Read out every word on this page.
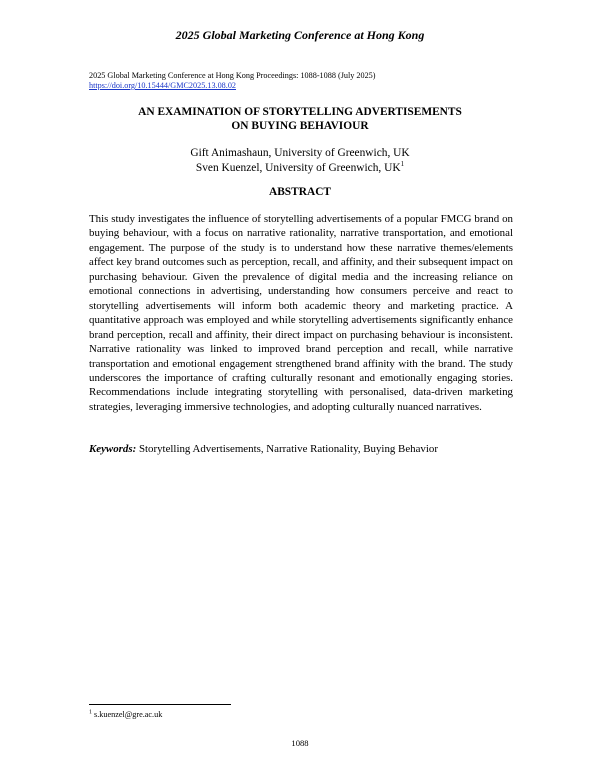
2025 Global Marketing Conference at Hong Kong
2025 Global Marketing Conference at Hong Kong Proceedings: 1088-1088 (July 2025)
https://doi.org/10.15444/GMC2025.13.08.02
AN EXAMINATION OF STORYTELLING ADVERTISEMENTS
ON BUYING BEHAVIOUR
Gift Animashaun, University of Greenwich, UK
Sven Kuenzel, University of Greenwich, UK$^1$
ABSTRACT
This study investigates the influence of storytelling advertisements of a popular FMCG brand on buying behaviour, with a focus on narrative rationality, narrative transportation, and emotional engagement. The purpose of the study is to understand how these narrative themes/elements affect key brand outcomes such as perception, recall, and affinity, and their subsequent impact on purchasing behaviour. Given the prevalence of digital media and the increasing reliance on emotional connections in advertising, understanding how consumers perceive and react to storytelling advertisements will inform both academic theory and marketing practice. A quantitative approach was employed and while storytelling advertisements significantly enhance brand perception, recall and affinity, their direct impact on purchasing behaviour is inconsistent. Narrative rationality was linked to improved brand perception and recall, while narrative transportation and emotional engagement strengthened brand affinity with the brand. The study underscores the importance of crafting culturally resonant and emotionally engaging stories. Recommendations include integrating storytelling with personalised, data-driven marketing strategies, leveraging immersive technologies, and adopting culturally nuanced narratives.
Keywords: Storytelling Advertisements, Narrative Rationality, Buying Behavior
$^1$ s.kuenzel@gre.ac.uk
1088
